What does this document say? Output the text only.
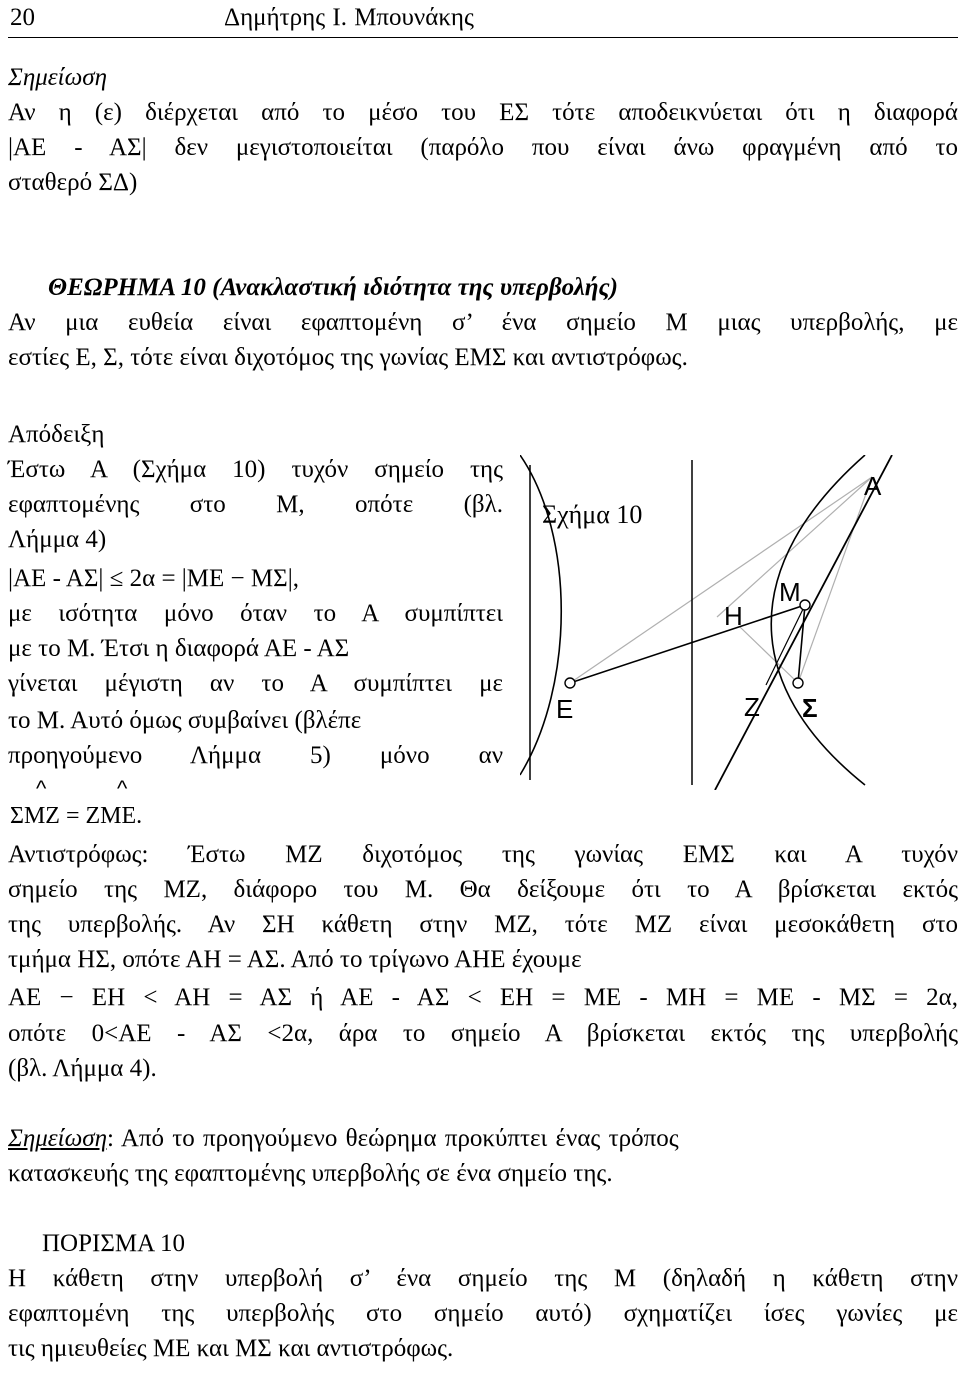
20	Δημήτρης Ι. Μπουνάκης
Σημείωση
Αν η (ε) διέρχεται από το μέσο του ΕΣ τότε αποδεικνύεται ότι η διαφορά
|ΑΕ - ΑΣ| δεν μεγιστοποιείται (παρόλο που είναι άνω φραγμένη από το
σταθερό ΣΔ)
ΘΕΩΡΗΜΑ 10 (Ανακλαστική ιδιότητα της υπερβολής)
Αν μια ευθεία είναι εφαπτομένη σ’ ένα σημείο Μ μιας υπερβολής, με
εστίες Ε, Σ, τότε είναι διχοτόμος της γωνίας ΕΜΣ και αντιστρόφως.
Απόδειξη
Έστω Α (Σχήμα 10) τυχόν σημείο της
εφαπτομένης στο Μ, οπότε (βλ.
Λήμμα 4)
|ΑΕ - ΑΣ| ≤ 2α = |ΜΕ − ΜΣ|,
με ισότητα μόνο όταν το Α συμπίπτει
με το Μ. Έτσι η διαφορά ΑΕ - ΑΣ
γίνεται μέγιστη αν το Α συμπίπτει με
το Μ. Αυτό όμως συμβαίνει (βλέπε
προηγούμενο Λήμμα 5) μόνο αν
^	^
ΣΜΖ = ΖΜΕ.
Σχήμα 10
Α
Μ
Η
Ε	Ζ Σ
Αντιστρόφως: Έστω ΜΖ διχοτόμος της γωνίας ΕΜΣ και Α τυχόν
σημείο της ΜΖ, διάφορο του Μ. Θα δείξουμε ότι το Α βρίσκεται εκτός
της υπερβολής. Αν ΣΗ κάθετη στην ΜΖ, τότε ΜΖ είναι μεσοκάθετη στο
τμήμα ΗΣ, οπότε ΑΗ = ΑΣ. Από το τρίγωνο ΑΗΕ έχουμε
ΑΕ − ΕΗ < ΑΗ = ΑΣ ή ΑΕ - ΑΣ < ΕΗ = ΜΕ - ΜΗ = ΜΕ - ΜΣ = 2α,
οπότε 0<ΑΕ - ΑΣ <2α, άρα το σημείο Α βρίσκεται εκτός της υπερβολής
(βλ. Λήμμα 4).
Σημείωση: Από το προηγούμενο θεώρημα προκύπτει ένας τρόπος
κατασκευής της εφαπτομένης υπερβολής σε ένα σημείο της.
ΠΟΡΙΣΜΑ 10
Η κάθετη στην υπερβολή σ’ ένα σημείο της Μ (δηλαδή η κάθετη στην
εφαπτομένη της υπερβολής στο σημείο αυτό) σχηματίζει ίσες γωνίες με
τις ημιευθείες ΜΕ και ΜΣ και αντιστρόφως.
